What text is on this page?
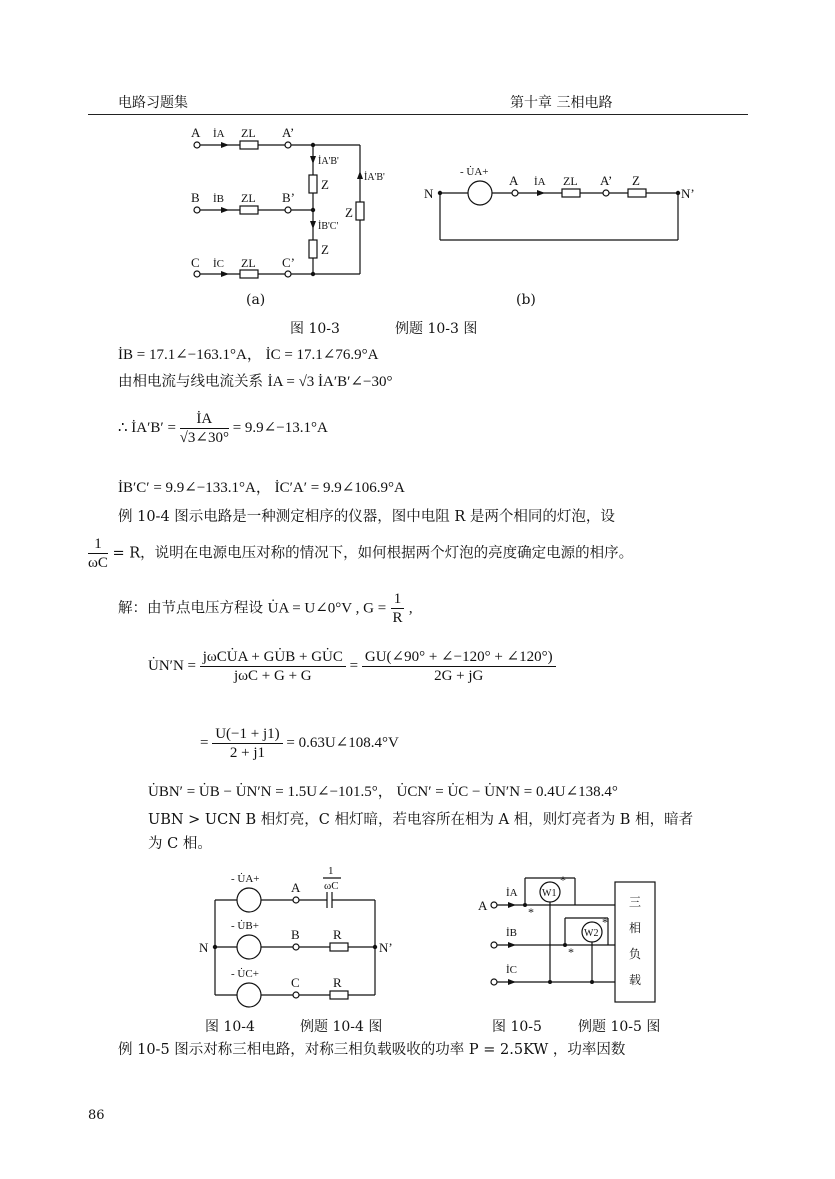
电路习题集	第十章 三相电路
A
B
C
İA
İB
İC
ZL
ZL
ZL
A’
B’
C’
İA'B'
İB'C'
İA'B'
Z
Z
Z
N	N’
- U̇A+
A İA ZL A’ Z
(a)	(b)
图 10-3	例题 10-3 图
İB = 17.1∠−163.1°A， İC = 17.1∠76.9°A
由相电流与线电流关系 İA = √3 İA′B′∠−30°
∴ İA′B′ = $\frac{İA}{√3\angle 30^\circ}$ = 9.9∠−13.1°A
İB′C′ = 9.9∠−133.1°A， İC′A′ = 9.9∠106.9°A
例 10-4 图示电路是一种测定相序的仪器，图中电阻 R 是两个相同的灯泡，设
$\frac{1}{\omega C} = R$，说明在电源电压对称的情况下，如何根据两个灯泡的亮度确定电源的相序。
解：由节点电压方程设 U̇A = U∠0°V , $G = \frac{1}{R}$ ,
U̇N′N = $\frac{\text{jωCU̇A + GU̇B + GU̇C}}{\text{jωC + G + G}} = \frac{GU(\angle 90^\circ + \angle-120^\circ + \angle 120^\circ)}{2G + jG}$
= $\frac{U(-1 + j1)}{2 + j1}$ = 0.63U∠108.4°V
U̇BN′ = U̇B − U̇N′N = 1.5U∠−101.5°， U̇CN′ = U̇C − U̇N′N = 0.4U∠138.4°
UBN > UCN B 相灯亮，C 相灯暗，若电容所在相为 A 相，则灯亮者为 B 相，暗者
为 C 相。
N	N’
- U̇A+
- U̇B+
- U̇C+
A
B
C
R
R
1
ωC
A
İA
İB
İC
W1
W2
*
*
*
*
三
相
负
载
图 10-4	例题 10-4 图	图 10-5	例题 10-5 图
例 10-5 图示对称三相电路，对称三相负载吸收的功率 P = 2.5KW ，功率因数
86
